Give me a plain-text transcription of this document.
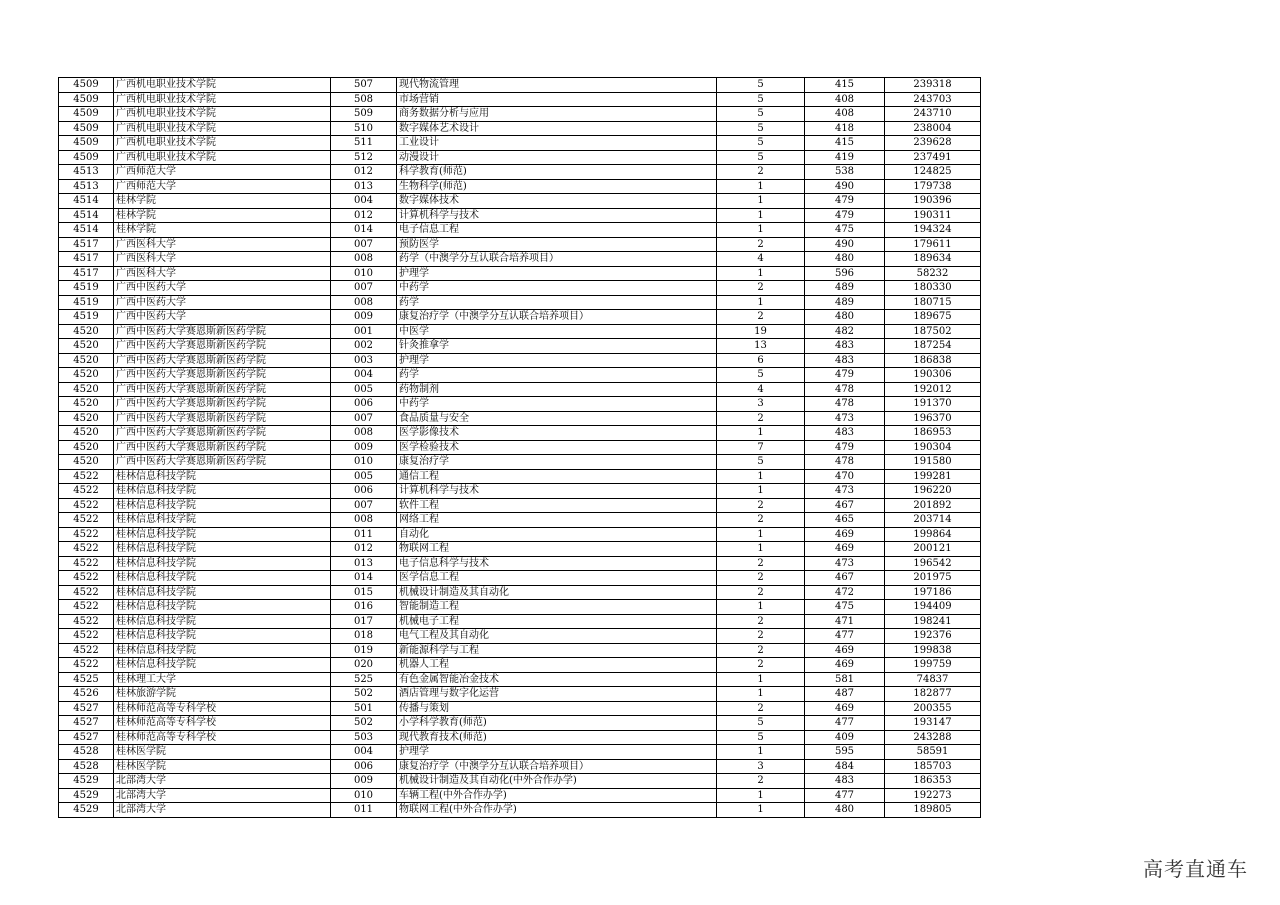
4509	广西机电职业技术学院	507	现代物流管理	5	415	239318
4509	广西机电职业技术学院	508	市场营销	5	408	243703
4509	广西机电职业技术学院	509	商务数据分析与应用	5	408	243710
4509	广西机电职业技术学院	510	数字媒体艺术设计	5	418	238004
4509	广西机电职业技术学院	511	工业设计	5	415	239628
4509	广西机电职业技术学院	512	动漫设计	5	419	237491
4513	广西师范大学	012	科学教育(师范)	2	538	124825
4513	广西师范大学	013	生物科学(师范)	1	490	179738
4514	桂林学院	004	数字媒体技术	1	479	190396
4514	桂林学院	012	计算机科学与技术	1	479	190311
4514	桂林学院	014	电子信息工程	1	475	194324
4517	广西医科大学	007	预防医学	2	490	179611
4517	广西医科大学	008	药学（中澳学分互认联合培养项目）	4	480	189634
4517	广西医科大学	010	护理学	1	596	58232
4519	广西中医药大学	007	中药学	2	489	180330
4519	广西中医药大学	008	药学	1	489	180715
4519	广西中医药大学	009	康复治疗学（中澳学分互认联合培养项目）	2	480	189675
4520	广西中医药大学赛恩斯新医药学院	001	中医学	19	482	187502
4520	广西中医药大学赛恩斯新医药学院	002	针灸推拿学	13	483	187254
4520	广西中医药大学赛恩斯新医药学院	003	护理学	6	483	186838
4520	广西中医药大学赛恩斯新医药学院	004	药学	5	479	190306
4520	广西中医药大学赛恩斯新医药学院	005	药物制剂	4	478	192012
4520	广西中医药大学赛恩斯新医药学院	006	中药学	3	478	191370
4520	广西中医药大学赛恩斯新医药学院	007	食品质量与安全	2	473	196370
4520	广西中医药大学赛恩斯新医药学院	008	医学影像技术	1	483	186953
4520	广西中医药大学赛恩斯新医药学院	009	医学检验技术	7	479	190304
4520	广西中医药大学赛恩斯新医药学院	010	康复治疗学	5	478	191580
4522	桂林信息科技学院	005	通信工程	1	470	199281
4522	桂林信息科技学院	006	计算机科学与技术	1	473	196220
4522	桂林信息科技学院	007	软件工程	2	467	201892
4522	桂林信息科技学院	008	网络工程	2	465	203714
4522	桂林信息科技学院	011	自动化	1	469	199864
4522	桂林信息科技学院	012	物联网工程	1	469	200121
4522	桂林信息科技学院	013	电子信息科学与技术	2	473	196542
4522	桂林信息科技学院	014	医学信息工程	2	467	201975
4522	桂林信息科技学院	015	机械设计制造及其自动化	2	472	197186
4522	桂林信息科技学院	016	智能制造工程	1	475	194409
4522	桂林信息科技学院	017	机械电子工程	2	471	198241
4522	桂林信息科技学院	018	电气工程及其自动化	2	477	192376
4522	桂林信息科技学院	019	新能源科学与工程	2	469	199838
4522	桂林信息科技学院	020	机器人工程	2	469	199759
4525	桂林理工大学	525	有色金属智能冶金技术	1	581	74837
4526	桂林旅游学院	502	酒店管理与数字化运营	1	487	182877
4527	桂林师范高等专科学校	501	传播与策划	2	469	200355
4527	桂林师范高等专科学校	502	小学科学教育(师范)	5	477	193147
4527	桂林师范高等专科学校	503	现代教育技术(师范)	5	409	243288
4528	桂林医学院	004	护理学	1	595	58591
4528	桂林医学院	006	康复治疗学（中澳学分互认联合培养项目）	3	484	185703
4529	北部湾大学	009	机械设计制造及其自动化(中外合作办学)	2	483	186353
4529	北部湾大学	010	车辆工程(中外合作办学)	1	477	192273
4529	北部湾大学	011	物联网工程(中外合作办学)	1	480	189805
高考直通车
